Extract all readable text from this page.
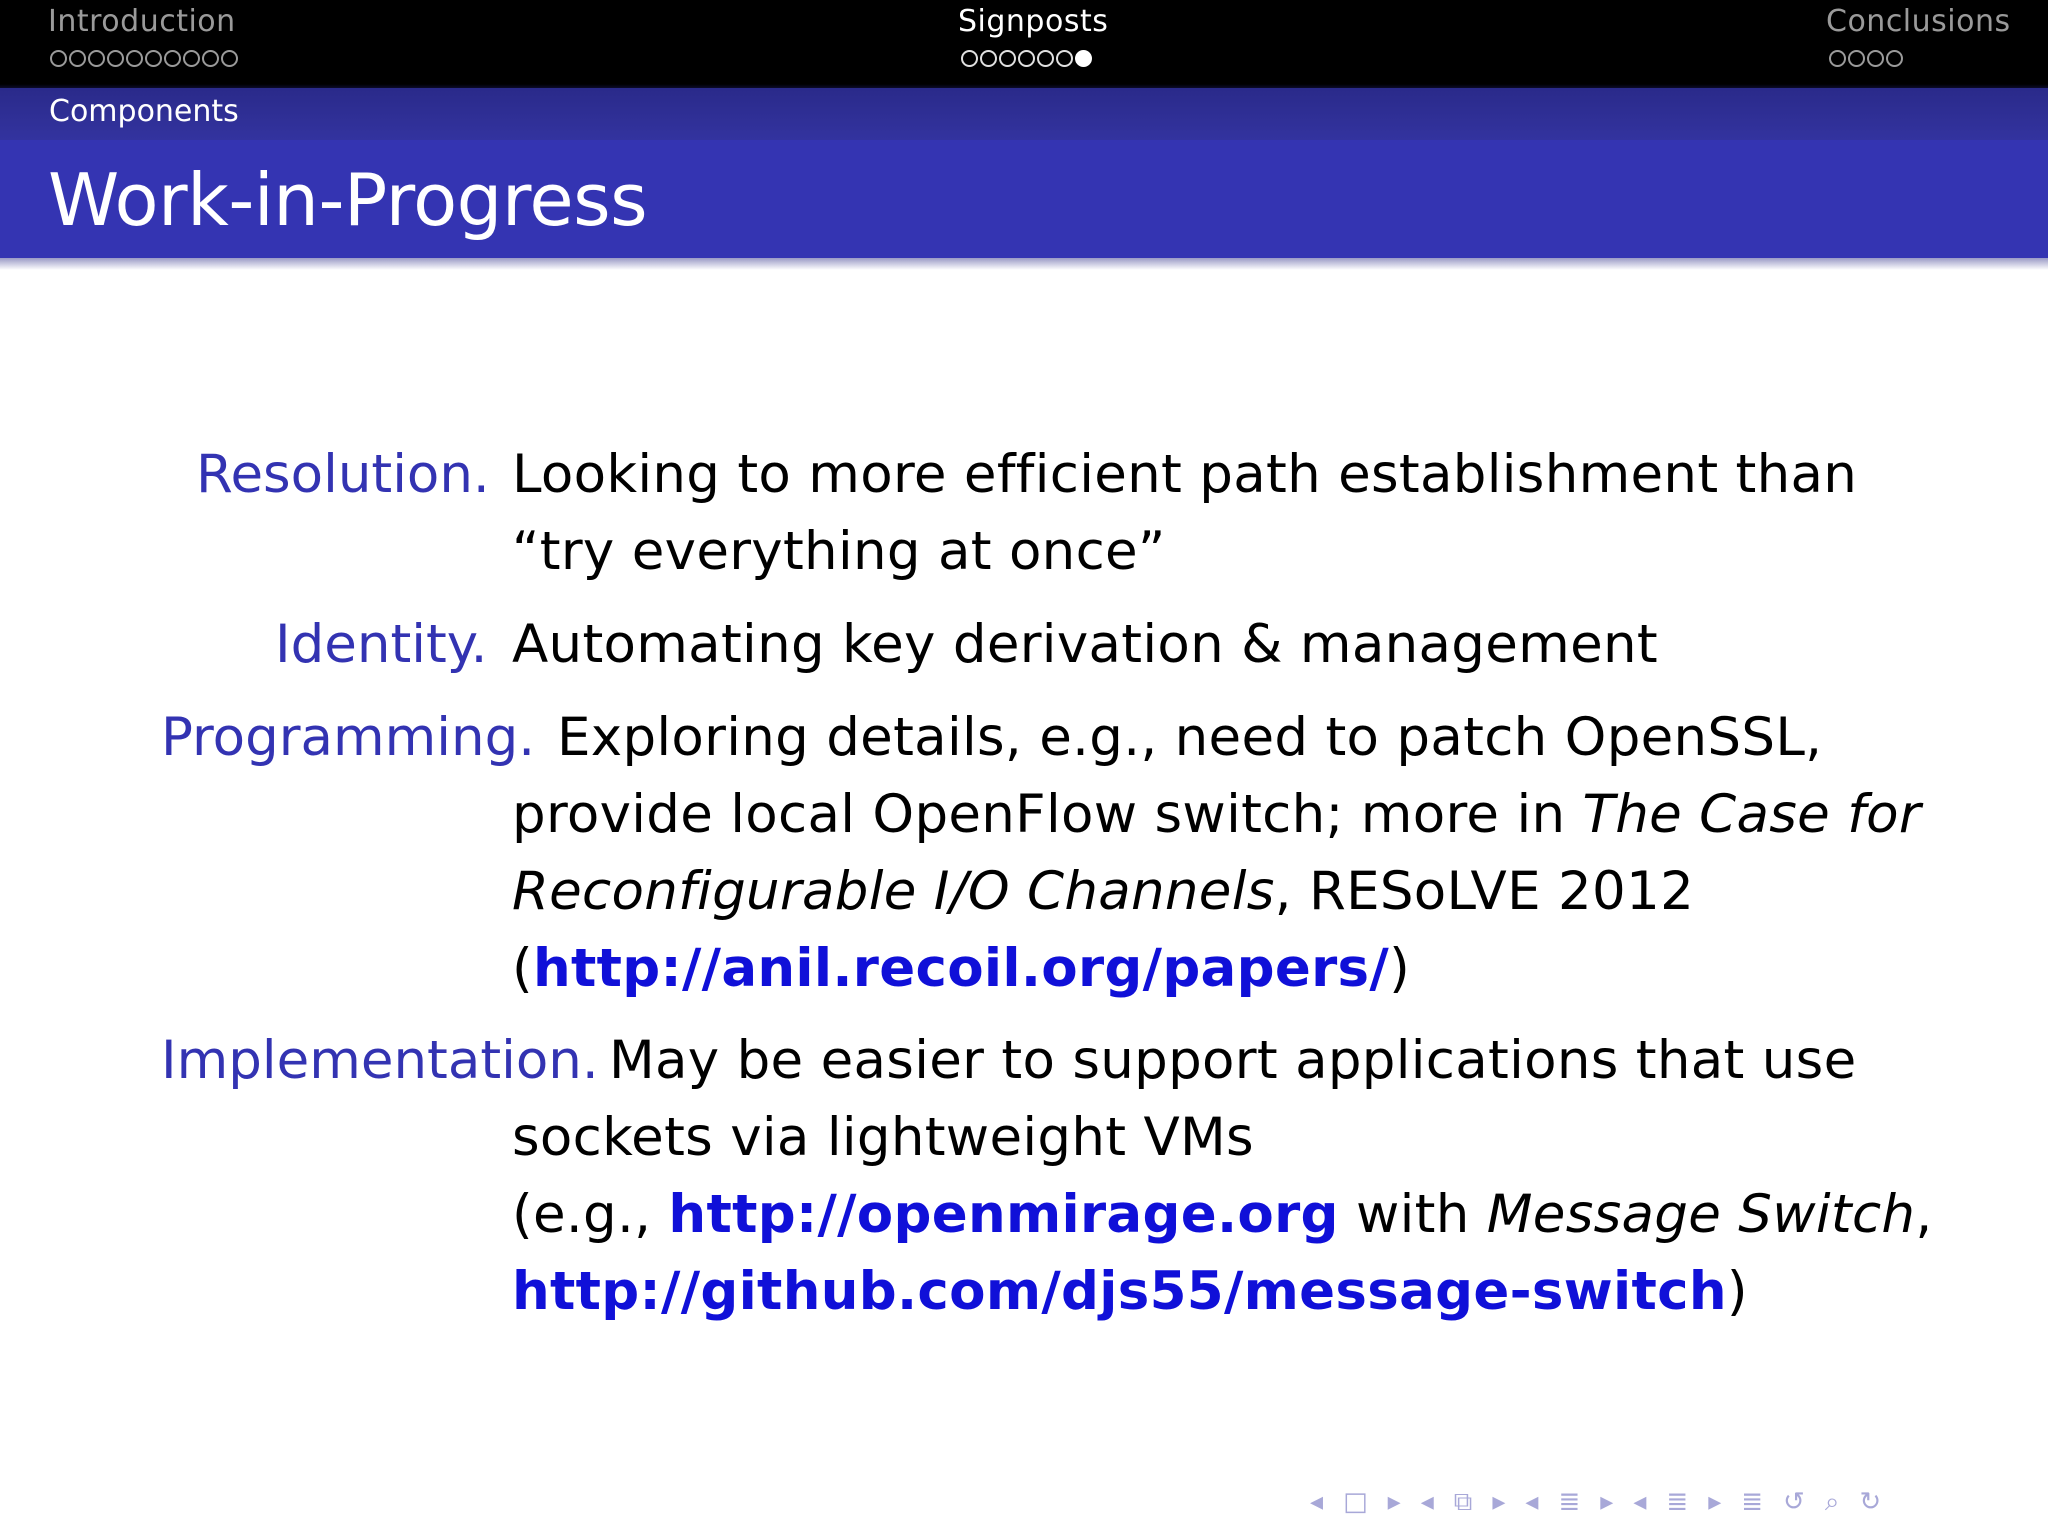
Introduction	Signposts	Conclusions
Components
Work-in-Progress
Resolution. Looking to more efficient path establishment than
“try everything at once”
Identity. Automating key derivation & management
Programming. Exploring details, e.g., need to patch OpenSSL,
provide local OpenFlow switch; more in The Case for
Reconfigurable I/O Channels, RESoLVE 2012
(http://anil.recoil.org/papers/)
Implementation. May be easier to support applications that use
sockets via lightweight VMs
(e.g., http://openmirage.org with Message Switch,
http://github.com/djs55/message-switch)
◂ □ ▸ ◂ ⧉ ▸ ◂ ≣ ▸ ◂ ≣ ▸ ≣ ↺ ⌕ ↻
